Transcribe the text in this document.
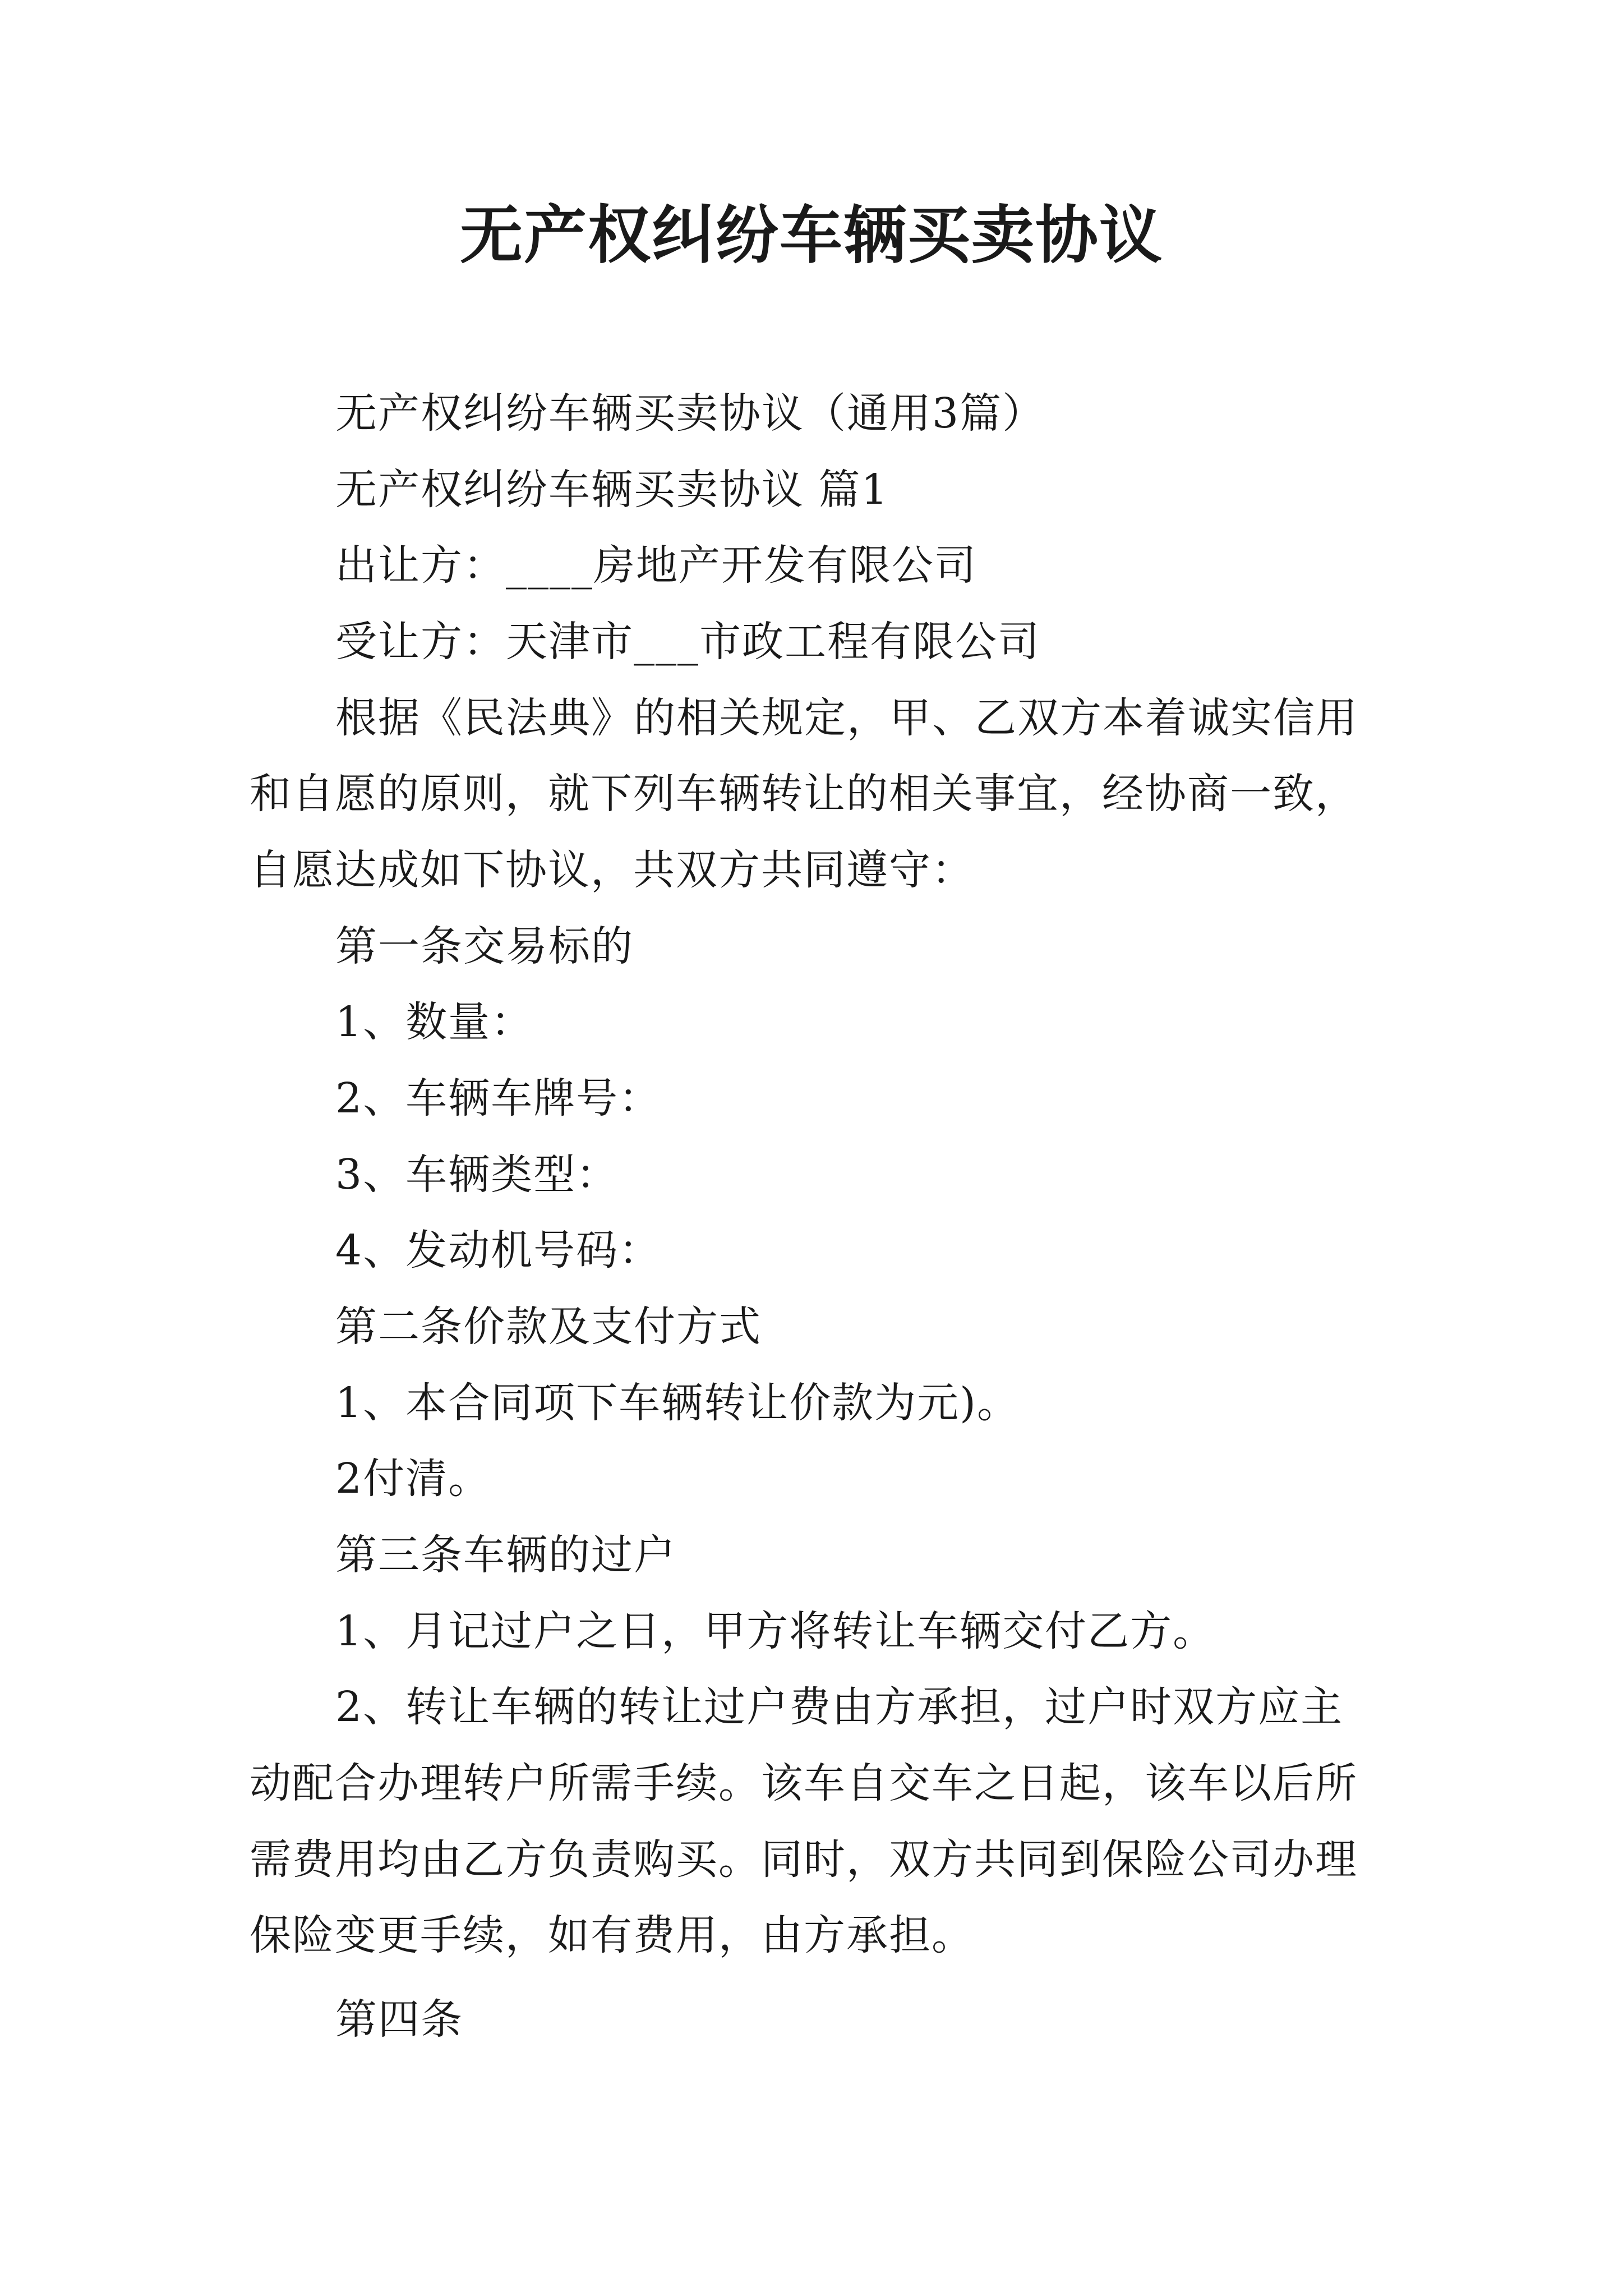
无产权纠纷车辆买卖协议
无产权纠纷车辆买卖协议（通用3篇）
无产权纠纷车辆买卖协议 篇1
出让方：____房地产开发有限公司
受让方：天津市___市政工程有限公司
根据《民法典》的相关规定，甲、乙双方本着诚实信用
和自愿的原则，就下列车辆转让的相关事宜，经协商一致，
自愿达成如下协议，共双方共同遵守：
第一条交易标的
1、数量：
2、车辆车牌号：
3、车辆类型：
4、发动机号码：
第二条价款及支付方式
1、本合同项下车辆转让价款为元)。
2付清。
第三条车辆的过户
1、月记过户之日，甲方将转让车辆交付乙方。
2、转让车辆的转让过户费由方承担，过户时双方应主
动配合办理转户所需手续。该车自交车之日起，该车以后所
需费用均由乙方负责购买。同时，双方共同到保险公司办理
保险变更手续，如有费用，由方承担。
第四条
